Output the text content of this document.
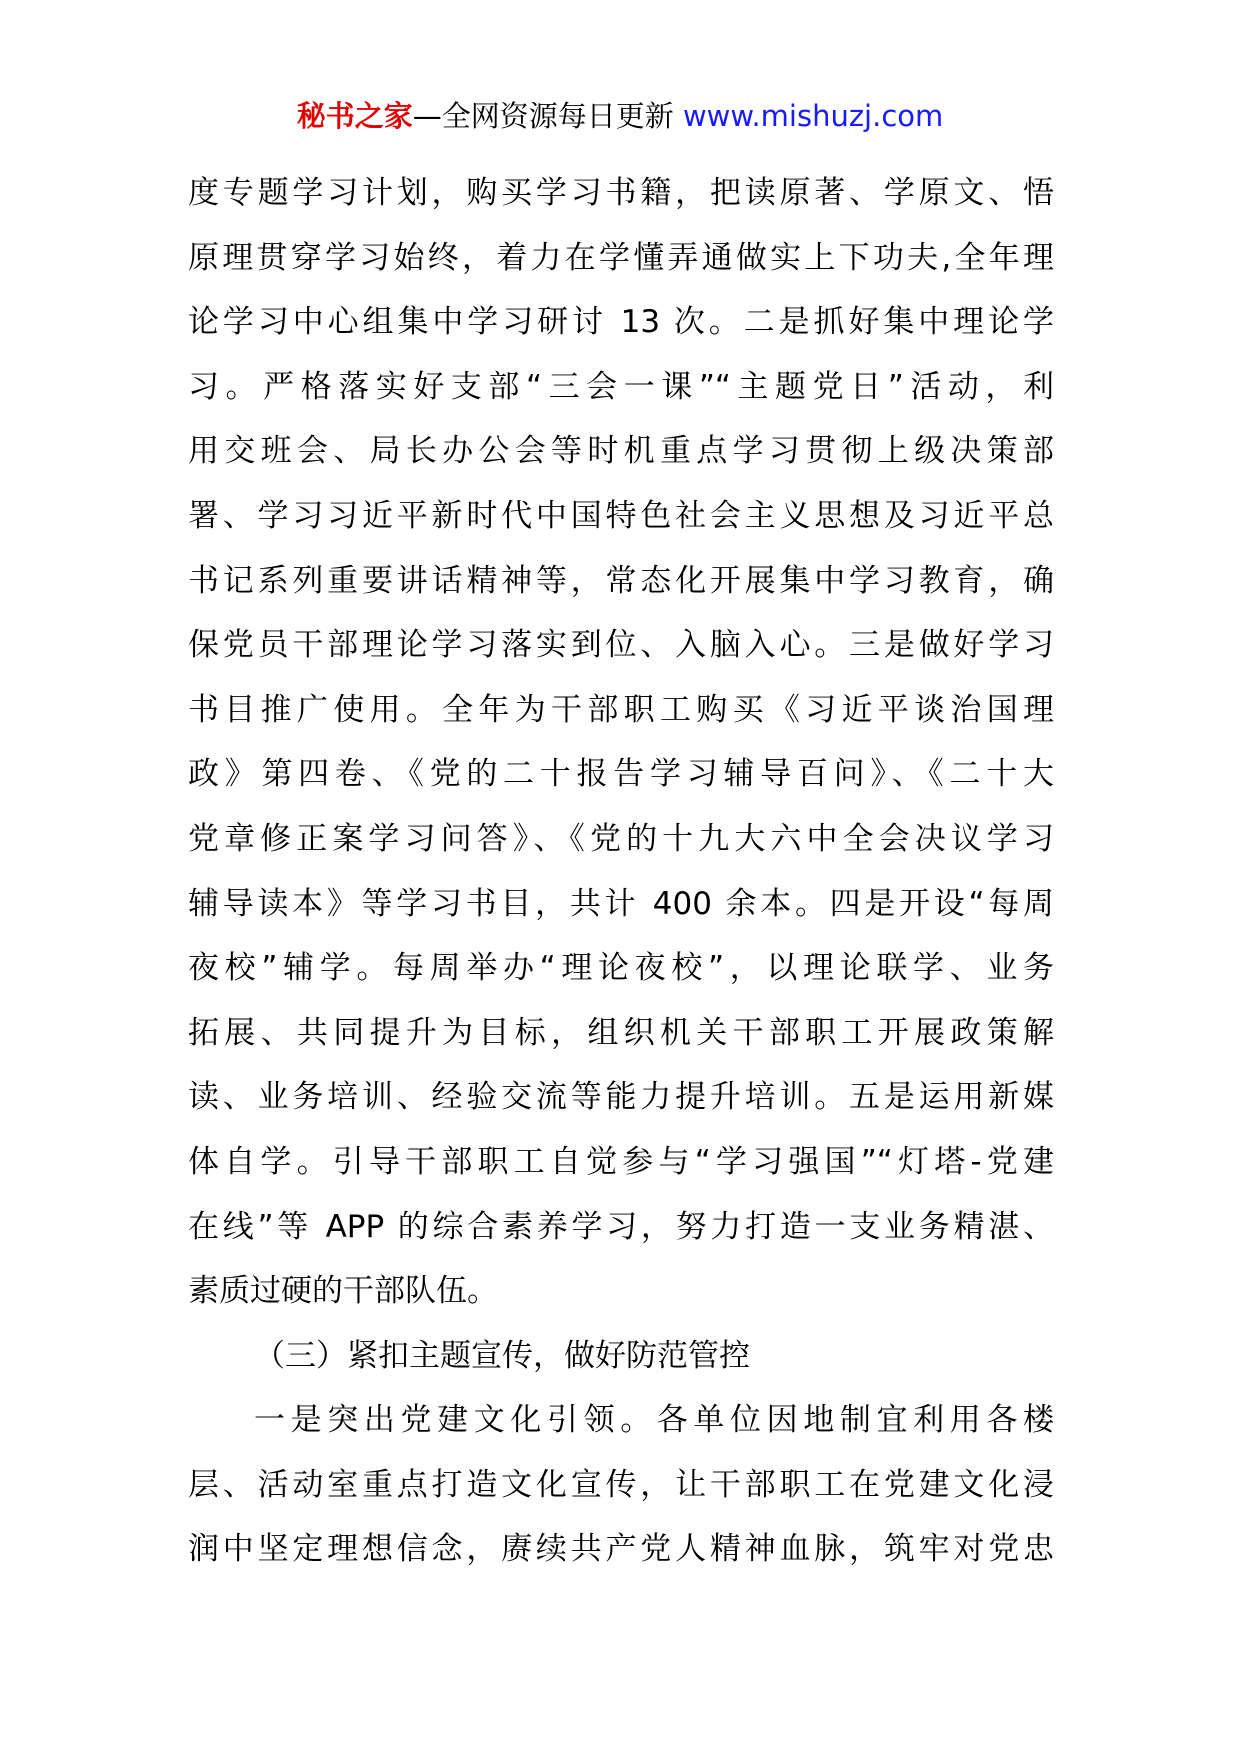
秘书之家—全网资源每日更新 www.mishuzj.com
度专题学习计划，购买学习书籍，把读原著、学原文、悟
原理贯穿学习始终，着力在学懂弄通做实上下功夫,全年理
论学习中心组集中学习研讨 13 次。二是抓好集中理论学
习。严格落实好支部“三会一课”“主题党日”活动，利
用交班会、局长办公会等时机重点学习贯彻上级决策部
署、学习习近平新时代中国特色社会主义思想及习近平总
书记系列重要讲话精神等，常态化开展集中学习教育，确
保党员干部理论学习落实到位、入脑入心。三是做好学习
书目推广使用。全年为干部职工购买《习近平谈治国理
政》第四卷、《党的二十报告学习辅导百问》、《二十大
党章修正案学习问答》、《党的十九大六中全会决议学习
辅导读本》等学习书目，共计 400 余本。四是开设“每周
夜校”辅学。每周举办“理论夜校”，以理论联学、业务
拓展、共同提升为目标，组织机关干部职工开展政策解
读、业务培训、经验交流等能力提升培训。五是运用新媒
体自学。引导干部职工自觉参与“学习强国”“灯塔-党建
在线”等 APP 的综合素养学习，努力打造一支业务精湛、
素质过硬的干部队伍。
（三）紧扣主题宣传，做好防范管控
一是突出党建文化引领。各单位因地制宜利用各楼
层、活动室重点打造文化宣传，让干部职工在党建文化浸
润中坚定理想信念，赓续共产党人精神血脉，筑牢对党忠
